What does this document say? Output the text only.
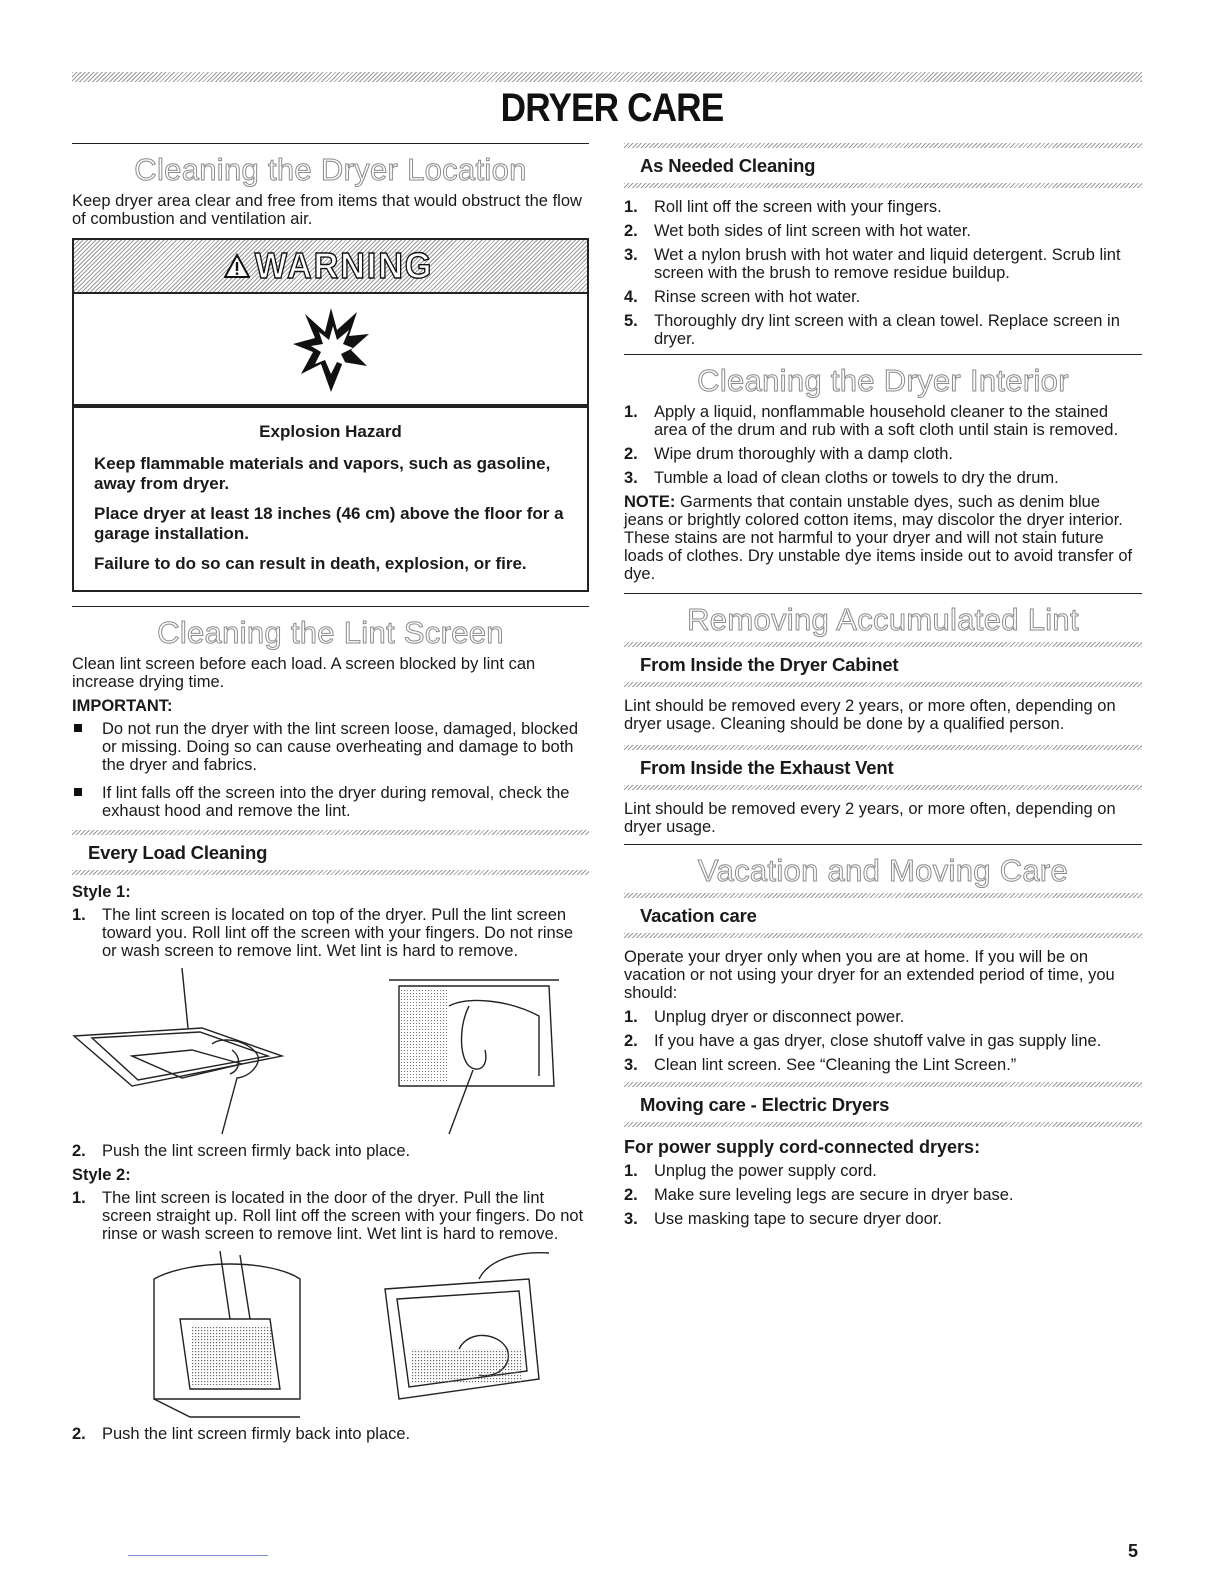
DRYER CARE
Cleaning the Dryer Location

Keep dryer area clear and free from items that would obstruct the flow of combustion and ventilation air.

WARNING
Explosion Hazard
Keep flammable materials and vapors, such as gasoline, away from dryer.
Place dryer at least 18 inches (46 cm) above the floor for a garage installation.
Failure to do so can result in death, explosion, or fire.
Cleaning the Lint Screen

Clean lint screen before each load. A screen blocked by lint can increase drying time.

IMPORTANT:
Do not run the dryer with the lint screen loose, damaged, blocked or missing. Doing so can cause overheating and damage to both the dryer and fabrics.
If lint falls off the screen into the dryer during removal, check the exhaust hood and remove the lint.
Every Load Cleaning
Style 1:
1. The lint screen is located on top of the dryer. Pull the lint screen toward you. Roll lint off the screen with your fingers. Do not rinse or wash screen to remove lint. Wet lint is hard to remove.
2. Push the lint screen firmly back into place.
Style 2:
1. The lint screen is located in the door of the dryer. Pull the lint screen straight up. Roll lint off the screen with your fingers. Do not rinse or wash screen to remove lint. Wet lint is hard to remove.
2. Push the lint screen firmly back into place.
As Needed Cleaning
1. Roll lint off the screen with your fingers.
2. Wet both sides of lint screen with hot water.
3. Wet a nylon brush with hot water and liquid detergent. Scrub lint screen with the brush to remove residue buildup.
4. Rinse screen with hot water.
5. Thoroughly dry lint screen with a clean towel. Replace screen in dryer.
Cleaning the Dryer Interior
1. Apply a liquid, nonflammable household cleaner to the stained area of the drum and rub with a soft cloth until stain is removed.
2. Wipe drum thoroughly with a damp cloth.
3. Tumble a load of clean cloths or towels to dry the drum.

NOTE: Garments that contain unstable dyes, such as denim blue jeans or brightly colored cotton items, may discolor the dryer interior. These stains are not harmful to your dryer and will not stain future loads of clothes. Dry unstable dye items inside out to avoid transfer of dye.

Removing Accumulated Lint
From Inside the Dryer Cabinet

Lint should be removed every 2 years, or more often, depending on dryer usage. Cleaning should be done by a qualified person.

From Inside the Exhaust Vent

Lint should be removed every 2 years, or more often, depending on dryer usage.

Vacation and Moving Care
Vacation care

Operate your dryer only when you are at home. If you will be on vacation or not using your dryer for an extended period of time, you should:

1. Unplug dryer or disconnect power.
2. If you have a gas dryer, close shutoff valve in gas supply line.
3. Clean lint screen. See “Cleaning the Lint Screen.”
Moving care - Electric Dryers
For power supply cord-connected dryers:
1. Unplug the power supply cord.
2. Make sure leveling legs are secure in dryer base.
3. Use masking tape to secure dryer door.
5
